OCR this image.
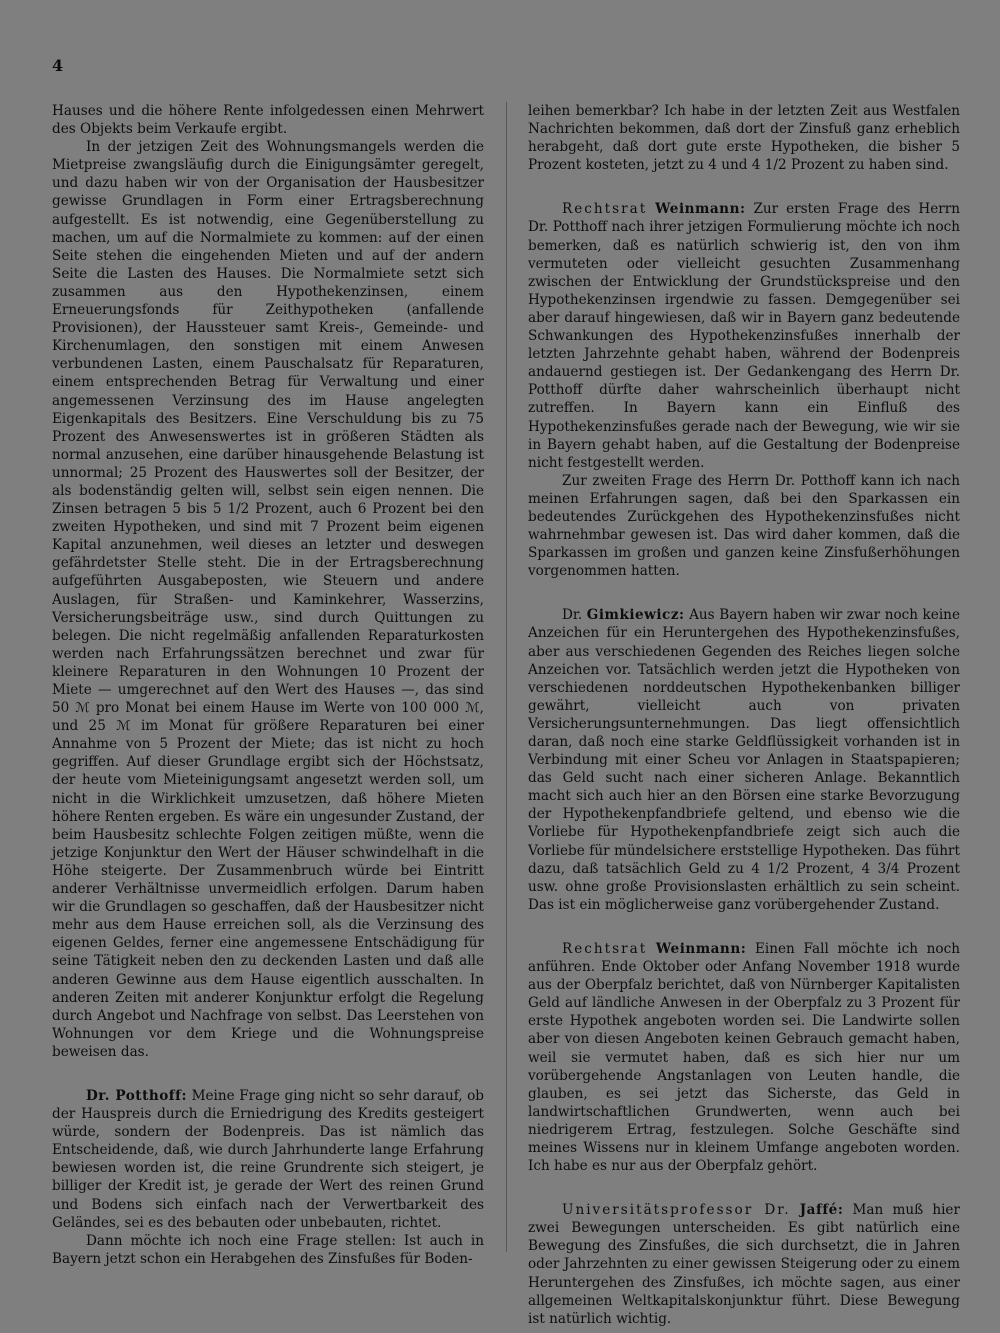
4

Hauses und die höhere Rente infolgedessen einen Mehrwert des Objekts beim Verkaufe ergibt.

In der jetzigen Zeit des Wohnungsmangels werden die Mietpreise zwangsläufig durch die Einigungsämter geregelt, und dazu haben wir von der Organisation der Hausbesitzer gewisse Grundlagen in Form einer Ertragsberechnung aufgestellt. Es ist notwendig, eine Gegenüberstellung zu machen, um auf die Normalmiete zu kommen: auf der einen Seite stehen die eingehenden Mieten und auf der andern Seite die Lasten des Hauses. Die Normalmiete setzt sich zusammen aus den Hypothekenzinsen, einem Erneuerungsfonds für Zeithypotheken (anfallende Provisionen), der Haussteuer samt Kreis-, Gemeinde- und Kirchenumlagen, den sonstigen mit einem Anwesen verbundenen Lasten, einem Pauschalsatz für Reparaturen, einem entsprechenden Betrag für Verwaltung und einer angemessenen Verzinsung des im Hause angelegten Eigenkapitals des Besitzers. Eine Verschuldung bis zu 75 Prozent des Anwesenswertes ist in größeren Städten als normal anzusehen, eine darüber hinausgehende Belastung ist unnormal; 25 Prozent des Hauswertes soll der Besitzer, der als bodenständig gelten will, selbst sein eigen nennen. Die Zinsen betragen 5 bis 5 1/2 Prozent, auch 6 Prozent bei den zweiten Hypotheken, und sind mit 7 Prozent beim eigenen Kapital anzunehmen, weil dieses an letzter und deswegen gefährdetster Stelle steht. Die in der Ertragsberechnung aufgeführten Ausgabeposten, wie Steuern und andere Auslagen, für Straßen- und Kaminkehrer, Wasserzins, Versicherungsbeiträge usw., sind durch Quittungen zu belegen. Die nicht regelmäßig anfallenden Reparaturkosten werden nach Erfahrungssätzen berechnet und zwar für kleinere Reparaturen in den Wohnungen 10 Prozent der Miete — umgerechnet auf den Wert des Hauses —, das sind 50 ℳ pro Monat bei einem Hause im Werte von 100 000 ℳ, und 25 ℳ im Monat für größere Reparaturen bei einer Annahme von 5 Prozent der Miete; das ist nicht zu hoch gegriffen. Auf dieser Grundlage ergibt sich der Höchstsatz, der heute vom Mieteinigungsamt angesetzt werden soll, um nicht in die Wirklichkeit umzusetzen, daß höhere Mieten höhere Renten ergeben. Es wäre ein ungesunder Zustand, der beim Hausbesitz schlechte Folgen zeitigen müßte, wenn die jetzige Konjunktur den Wert der Häuser schwindelhaft in die Höhe steigerte. Der Zusammenbruch würde bei Eintritt anderer Verhältnisse unvermeidlich erfolgen. Darum haben wir die Grundlagen so geschaffen, daß der Hausbesitzer nicht mehr aus dem Hause erreichen soll, als die Verzinsung des eigenen Geldes, ferner eine angemessene Entschädigung für seine Tätigkeit neben den zu deckenden Lasten und daß alle anderen Gewinne aus dem Hause eigentlich ausschalten. In anderen Zeiten mit anderer Konjunktur erfolgt die Regelung durch Angebot und Nachfrage von selbst. Das Leerstehen von Wohnungen vor dem Kriege und die Wohnungspreise beweisen das.

Dr. Potthoff: Meine Frage ging nicht so sehr darauf, ob der Hauspreis durch die Erniedrigung des Kredits gesteigert würde, sondern der Bodenpreis. Das ist nämlich das Entscheidende, daß, wie durch Jahrhunderte lange Erfahrung bewiesen worden ist, die reine Grundrente sich steigert, je billiger der Kredit ist, je gerade der Wert des reinen Grund und Bodens sich einfach nach der Verwertbarkeit des Geländes, sei es des bebauten oder unbebauten, richtet.

Dann möchte ich noch eine Frage stellen: Ist auch in Bayern jetzt schon ein Herabgehen des Zinsfußes für Boden-

leihen bemerkbar? Ich habe in der letzten Zeit aus Westfalen Nachrichten bekommen, daß dort der Zinsfuß ganz erheblich herabgeht, daß dort gute erste Hypotheken, die bisher 5 Prozent kosteten, jetzt zu 4 und 4 1/2 Prozent zu haben sind.

Rechtsrat Weinmann: Zur ersten Frage des Herrn Dr. Potthoff nach ihrer jetzigen Formulierung möchte ich noch bemerken, daß es natürlich schwierig ist, den von ihm vermuteten oder vielleicht gesuchten Zusammenhang zwischen der Entwicklung der Grundstückspreise und den Hypothekenzinsen irgendwie zu fassen. Demgegenüber sei aber darauf hingewiesen, daß wir in Bayern ganz bedeutende Schwankungen des Hypothekenzinsfußes innerhalb der letzten Jahrzehnte gehabt haben, während der Bodenpreis andauernd gestiegen ist. Der Gedankengang des Herrn Dr. Potthoff dürfte daher wahrscheinlich überhaupt nicht zutreffen. In Bayern kann ein Einfluß des Hypothekenzinsfußes gerade nach der Bewegung, wie wir sie in Bayern gehabt haben, auf die Gestaltung der Bodenpreise nicht festgestellt werden.

Zur zweiten Frage des Herrn Dr. Potthoff kann ich nach meinen Erfahrungen sagen, daß bei den Sparkassen ein bedeutendes Zurückgehen des Hypothekenzinsfußes nicht wahrnehmbar gewesen ist. Das wird daher kommen, daß die Sparkassen im großen und ganzen keine Zinsfußerhöhungen vorgenommen hatten.

Dr. Gimkiewicz: Aus Bayern haben wir zwar noch keine Anzeichen für ein Heruntergehen des Hypothekenzinsfußes, aber aus verschiedenen Gegenden des Reiches liegen solche Anzeichen vor. Tatsächlich werden jetzt die Hypotheken von verschiedenen norddeutschen Hypothekenbanken billiger gewährt, vielleicht auch von privaten Versicherungsunternehmungen. Das liegt offensichtlich daran, daß noch eine starke Geldflüssigkeit vorhanden ist in Verbindung mit einer Scheu vor Anlagen in Staatspapieren; das Geld sucht nach einer sicheren Anlage. Bekanntlich macht sich auch hier an den Börsen eine starke Bevorzugung der Hypothekenpfandbriefe geltend, und ebenso wie die Vorliebe für Hypothekenpfandbriefe zeigt sich auch die Vorliebe für mündelsichere erststellige Hypotheken. Das führt dazu, daß tatsächlich Geld zu 4 1/2 Prozent, 4 3/4 Prozent usw. ohne große Provisionslasten erhältlich zu sein scheint. Das ist ein möglicherweise ganz vorübergehender Zustand.

Rechtsrat Weinmann: Einen Fall möchte ich noch anführen. Ende Oktober oder Anfang November 1918 wurde aus der Oberpfalz berichtet, daß von Nürnberger Kapitalisten Geld auf ländliche Anwesen in der Oberpfalz zu 3 Prozent für erste Hypothek angeboten worden sei. Die Landwirte sollen aber von diesen Angeboten keinen Gebrauch gemacht haben, weil sie vermutet haben, daß es sich hier nur um vorübergehende Angstanlagen von Leuten handle, die glauben, es sei jetzt das Sicherste, das Geld in landwirtschaftlichen Grundwerten, wenn auch bei niedrigerem Ertrag, festzulegen. Solche Geschäfte sind meines Wissens nur in kleinem Umfange angeboten worden. Ich habe es nur aus der Oberpfalz gehört.

Universitätsprofessor Dr. Jaffé: Man muß hier zwei Bewegungen unterscheiden. Es gibt natürlich eine Bewegung des Zinsfußes, die sich durchsetzt, die in Jahren oder Jahrzehnten zu einer gewissen Steigerung oder zu einem Heruntergehen des Zinsfußes, ich möchte sagen, aus einer allgemeinen Weltkapitalskonjunktur führt. Diese Bewegung ist natürlich wichtig.
